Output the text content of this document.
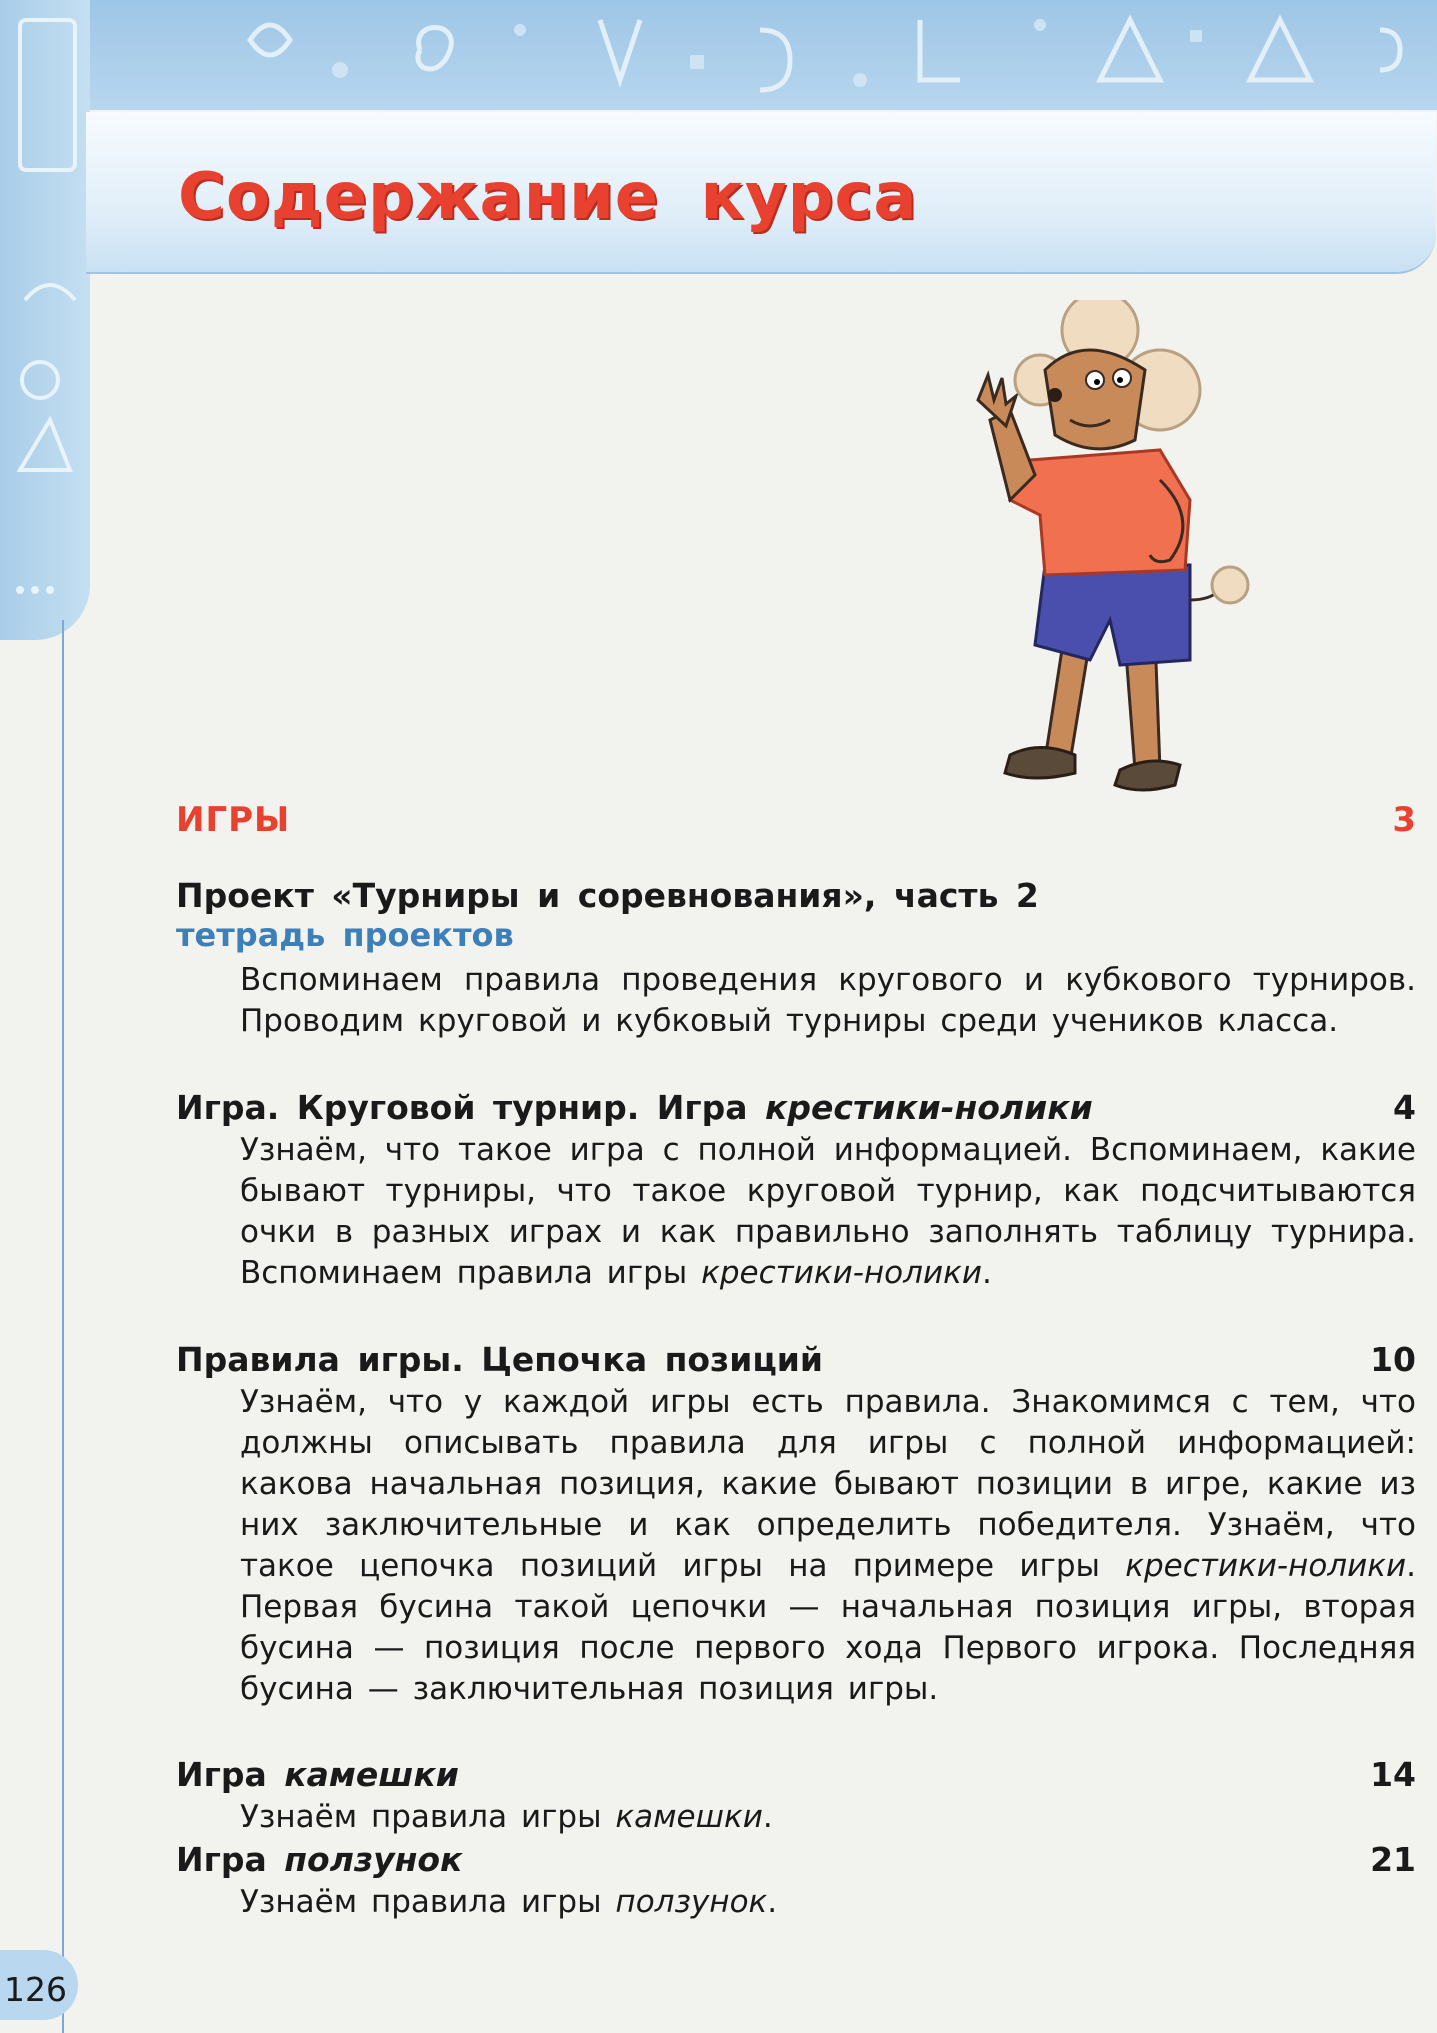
126
Содержание курса
ИГРЫ	3
Проект «Турниры и соревнования», часть 2
тетрадь проектов
Вспоминаем правила проведения кругового и кубкового турниров. Проводим круговой и кубковый турниры среди учеников класса.
Игра. Круговой турнир. Игра крестики-нолики	4
Узнаём, что такое игра с полной информацией. Вспоминаем, какие бывают турниры, что такое круговой турнир, как подсчитываются очки в разных играх и как правильно заполнять таблицу турнира. Вспоминаем правила игры крестики-нолики.
Правила игры. Цепочка позиций	10
Узнаём, что у каждой игры есть правила. Знакомимся с тем, что должны описывать правила для игры с полной информацией: какова начальная позиция, какие бывают позиции в игре, какие из них заключительные и как определить победителя. Узнаём, что такое цепочка позиций игры на примере игры крестики-нолики. Первая бусина такой цепочки — начальная позиция игры, вторая бусина — позиция после первого хода Первого игрока. Последняя бусина — заключительная позиция игры.
Игра камешки	14
Узнаём правила игры камешки.
Игра ползунок	21
Узнаём правила игры ползунок.
